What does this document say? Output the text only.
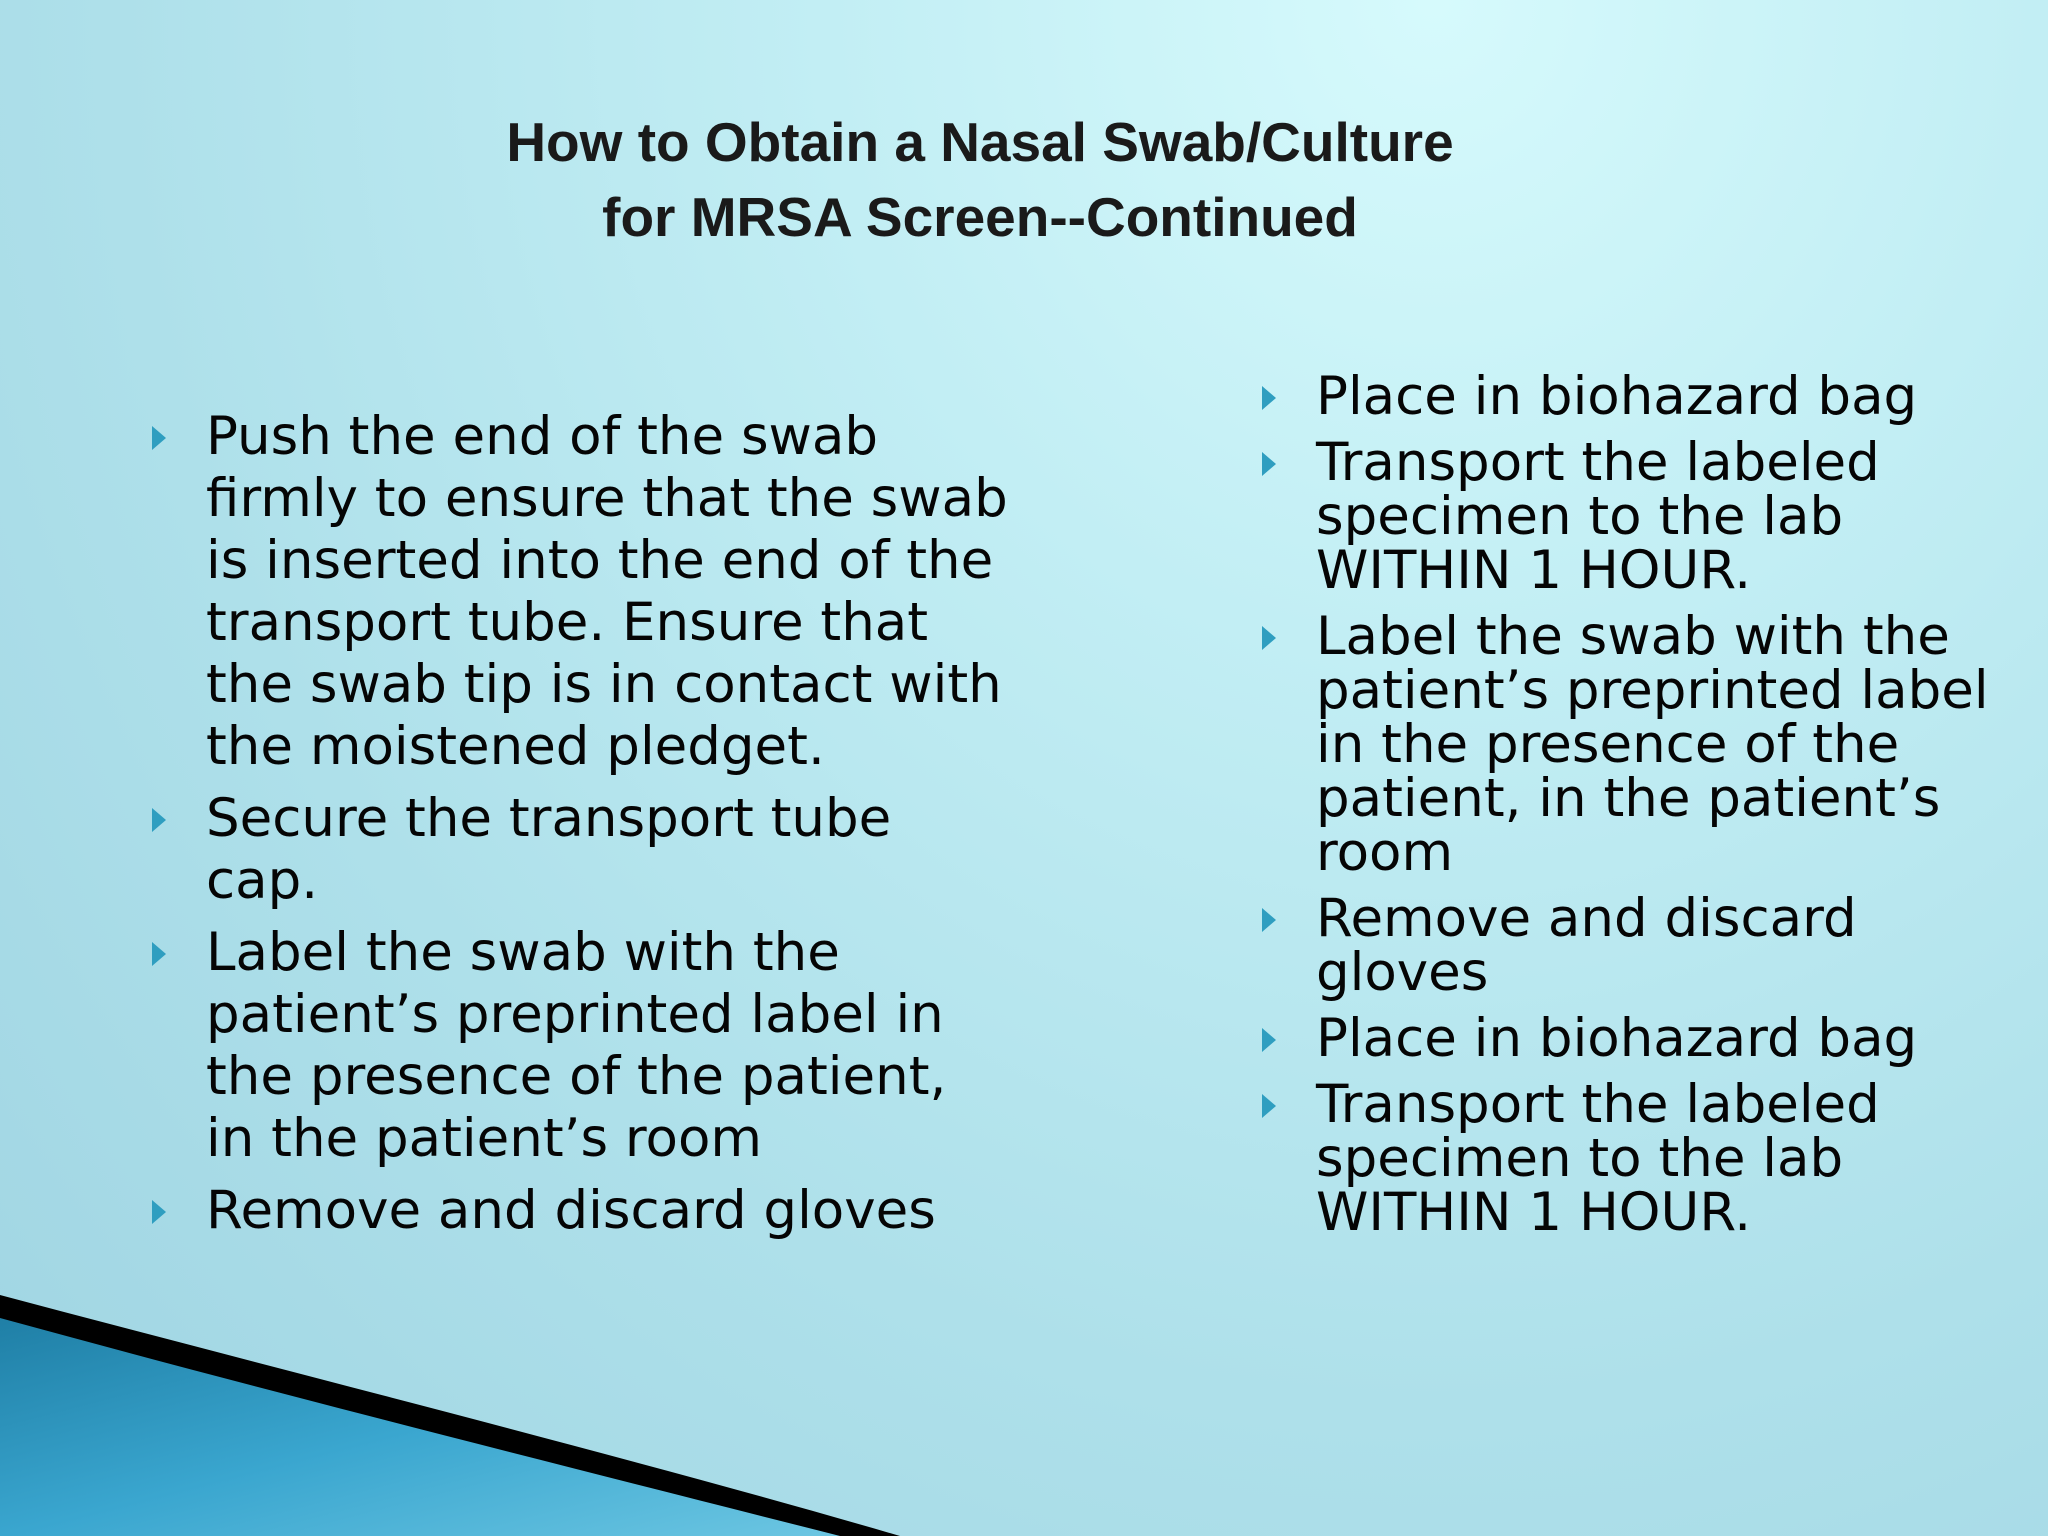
How to Obtain a Nasal Swab/Culture
for MRSA Screen--Continued
Push the end of the swab
firmly to ensure that the swab
is inserted into the end of the
transport tube. Ensure that
the swab tip is in contact with
the moistened pledget.
Secure the transport tube
cap.
Label the swab with the
patient’s preprinted label in
the presence of the patient,
in the patient’s room
Remove and discard gloves
Place in biohazard bag
Transport the labeled
specimen to the lab
WITHIN 1 HOUR.
Label the swab with the
patient’s preprinted label
in the presence of the
patient, in the patient’s
room
Remove and discard
gloves
Place in biohazard bag
Transport the labeled
specimen to the lab
WITHIN 1 HOUR.
